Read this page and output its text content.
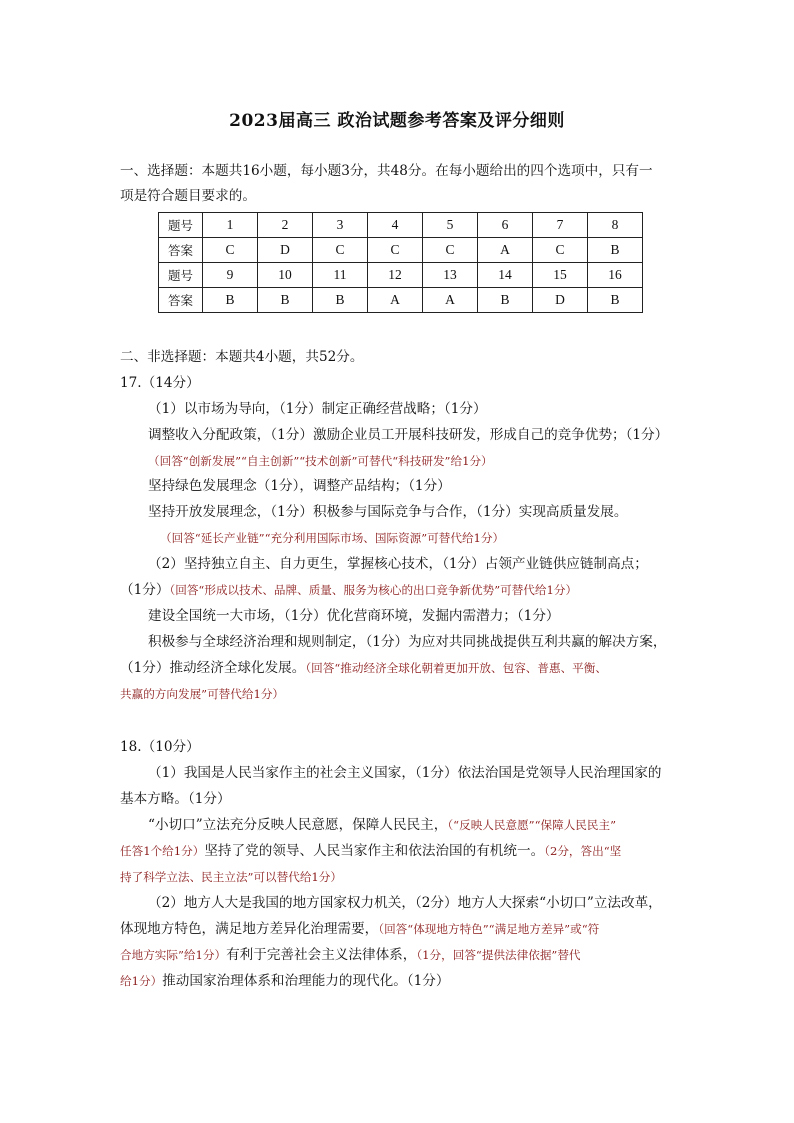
2023届高三 政治试题参考答案及评分细则
一、选择题：本题共16小题，每小题3分，共48分。在每小题给出的四个选项中，只有一
项是符合题目要求的。
题号	1	2	3	4	5	6	7	8
答案	C	D	C	C	C	A	C	B
题号	9	10	11	12	13	14	15	16
答案	B	B	B	A	A	B	D	B
二、非选择题：本题共4小题，共52分。
17.（14分）
（1）以市场为导向，（1分）制定正确经营战略；（1分）
调整收入分配政策，（1分）激励企业员工开展科技研发，形成自己的竞争优势；（1分）
（回答“创新发展”“自主创新”“技术创新”可替代“科技研发”给1分）
坚持绿色发展理念（1分），调整产品结构；（1分）
坚持开放发展理念，（1分）积极参与国际竞争与合作，（1分）实现高质量发展。
（回答“延长产业链”“充分利用国际市场、国际资源”可替代给1分）
（2）坚持独立自主、自力更生，掌握核心技术，（1分）占领产业链供应链制高点；
（1分）（回答“形成以技术、品牌、质量、服务为核心的出口竞争新优势”可替代给1分）
建设全国统一大市场，（1分）优化营商环境，发掘内需潜力；（1分）
积极参与全球经济治理和规则制定，（1分）为应对共同挑战提供互利共赢的解决方案，
（1分）推动经济全球化发展。（回答“推动经济全球化朝着更加开放、包容、普惠、平衡、
共赢的方向发展”可替代给1分）
18.（10分）
（1）我国是人民当家作主的社会主义国家，（1分）依法治国是党领导人民治理国家的
基本方略。（1分）
“小切口”立法充分反映人民意愿，保障人民民主，（“反映人民意愿”“保障人民民主”
任答1个给1分）坚持了党的领导、人民当家作主和依法治国的有机统一。（2分，答出“坚
持了科学立法、民主立法”可以替代给1分）
（2）地方人大是我国的地方国家权力机关，（2分）地方人大探索“小切口”立法改革，
体现地方特色，满足地方差异化治理需要，（回答“体现地方特色”“满足地方差异”或“符
合地方实际”给1分）有利于完善社会主义法律体系，（1分，回答“提供法律依据”替代
给1分）推动国家治理体系和治理能力的现代化。（1分）
